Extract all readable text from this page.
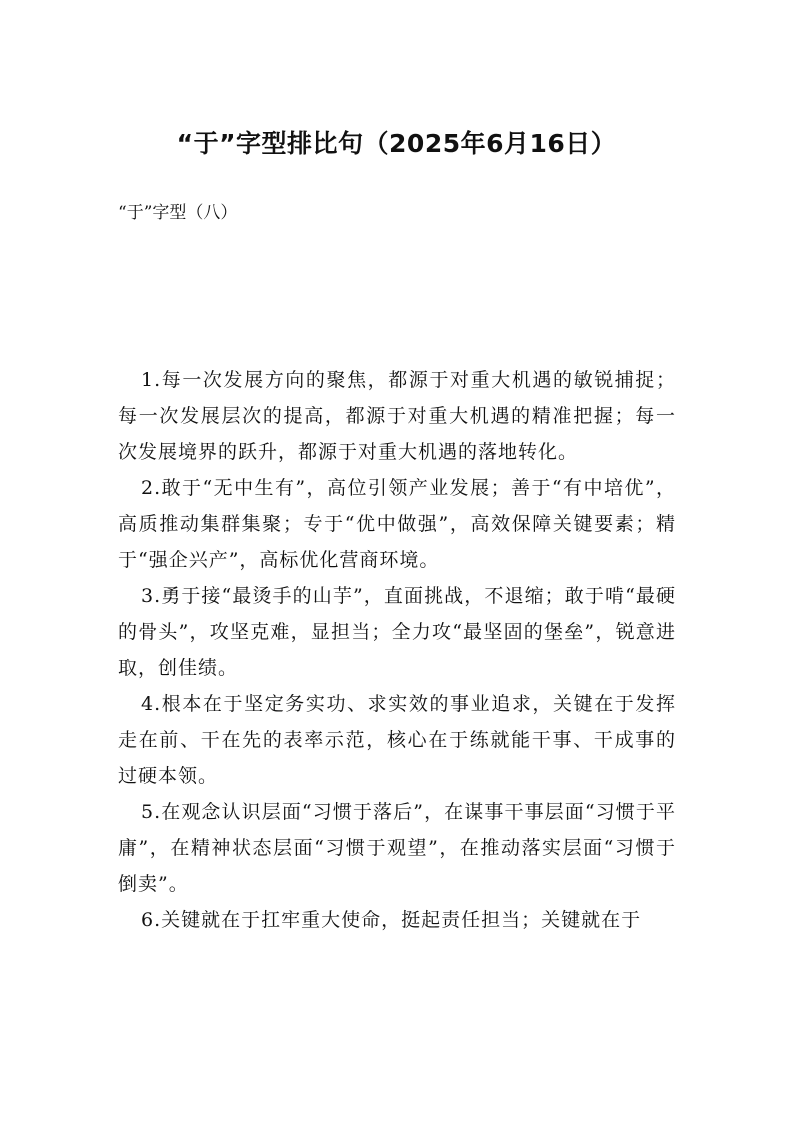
“于”字型排比句（2025年6月16日）
“于”字型（八）

1.每一次发展方向的聚焦，都源于对重大机遇的敏锐捕捉；每一次发展层次的提高，都源于对重大机遇的精准把握；每一次发展境界的跃升，都源于对重大机遇的落地转化。

2.敢于“无中生有”，高位引领产业发展；善于“有中培优”，高质推动集群集聚；专于“优中做强”，高效保障关键要素；精于“强企兴产”，高标优化营商环境。

3.勇于接“最烫手的山芋”，直面挑战，不退缩；敢于啃“最硬的骨头”，攻坚克难，显担当；全力攻“最坚固的堡垒”，锐意进取，创佳绩。

4.根本在于坚定务实功、求实效的事业追求，关键在于发挥走在前、干在先的表率示范，核心在于练就能干事、干成事的过硬本领。

5.在观念认识层面“习惯于落后”，在谋事干事层面“习惯于平庸”，在精神状态层面“习惯于观望”，在推动落实层面“习惯于倒卖”。

6.关键就在于扛牢重大使命，挺起责任担当；关键就在于
